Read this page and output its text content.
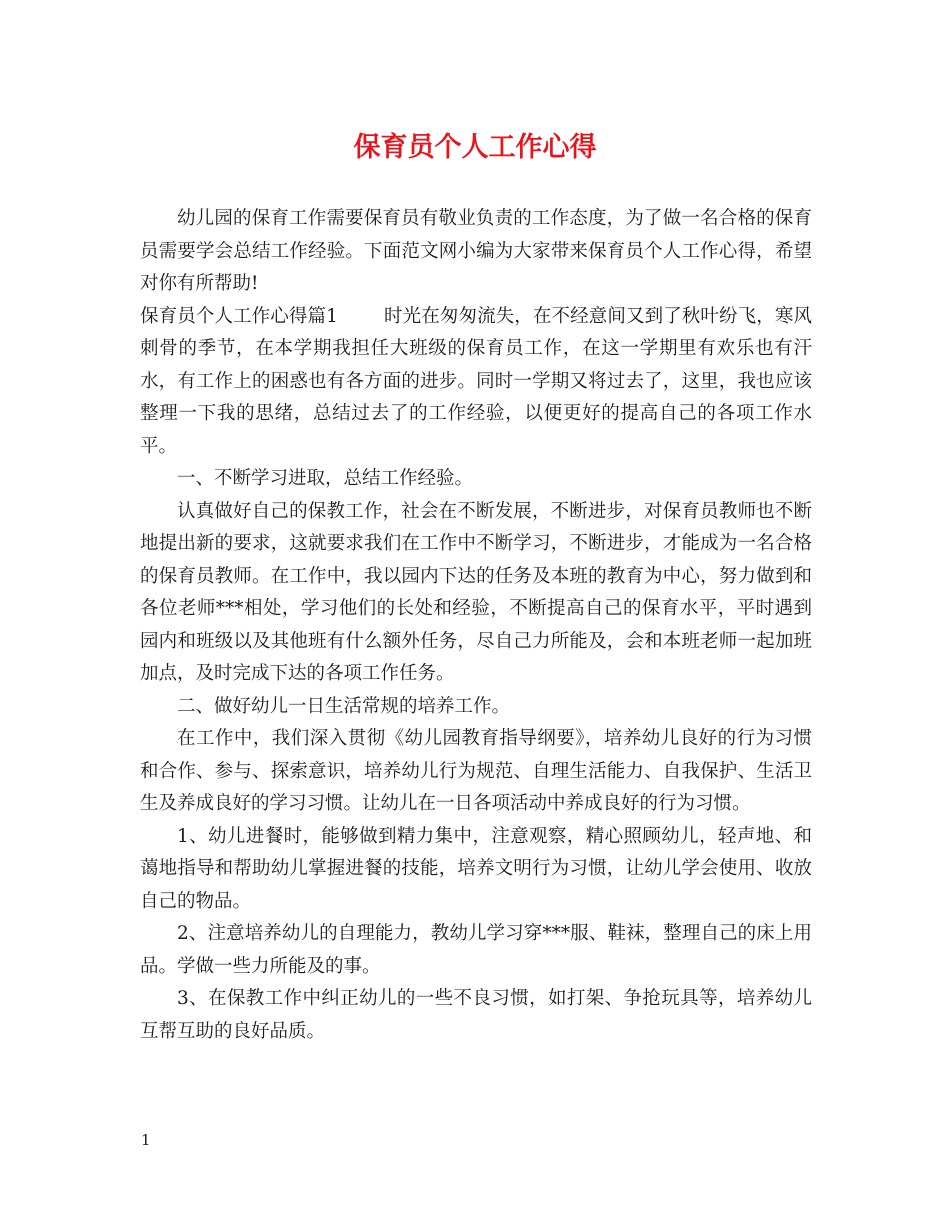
保育员个人工作心得

幼儿园的保育工作需要保育员有敬业负责的工作态度，为了做一名合格的保育员需要学会总结工作经验。下面范文网小编为大家带来保育员个人工作心得，希望对你有所帮助!

保育员个人工作心得篇1 时光在匆匆流失，在不经意间又到了秋叶纷飞，寒风刺骨的季节，在本学期我担任大班级的保育员工作，在这一学期里有欢乐也有汗水，有工作上的困惑也有各方面的进步。同时一学期又将过去了，这里，我也应该整理一下我的思绪，总结过去了的工作经验，以便更好的提高自己的各项工作水平。

一、不断学习进取，总结工作经验。

认真做好自己的保教工作，社会在不断发展，不断进步，对保育员教师也不断地提出新的要求，这就要求我们在工作中不断学习，不断进步，才能成为一名合格的保育员教师。在工作中，我以园内下达的任务及本班的教育为中心，努力做到和各位老师***相处，学习他们的长处和经验，不断提高自己的保育水平，平时遇到园内和班级以及其他班有什么额外任务，尽自己力所能及，会和本班老师一起加班加点，及时完成下达的各项工作任务。

二、做好幼儿一日生活常规的培养工作。

在工作中，我们深入贯彻《幼儿园教育指导纲要》，培养幼儿良好的行为习惯和合作、参与、探索意识，培养幼儿行为规范、自理生活能力、自我保护、生活卫生及养成良好的学习习惯。让幼儿在一日各项活动中养成良好的行为习惯。

1、幼儿进餐时，能够做到精力集中，注意观察，精心照顾幼儿，轻声地、和蔼地指导和帮助幼儿掌握进餐的技能，培养文明行为习惯，让幼儿学会使用、收放自己的物品。

2、注意培养幼儿的自理能力，教幼儿学习穿***服、鞋袜，整理自己的床上用品。学做一些力所能及的事。

3、在保教工作中纠正幼儿的一些不良习惯，如打架、争抢玩具等，培养幼儿互帮互助的良好品质。

1
